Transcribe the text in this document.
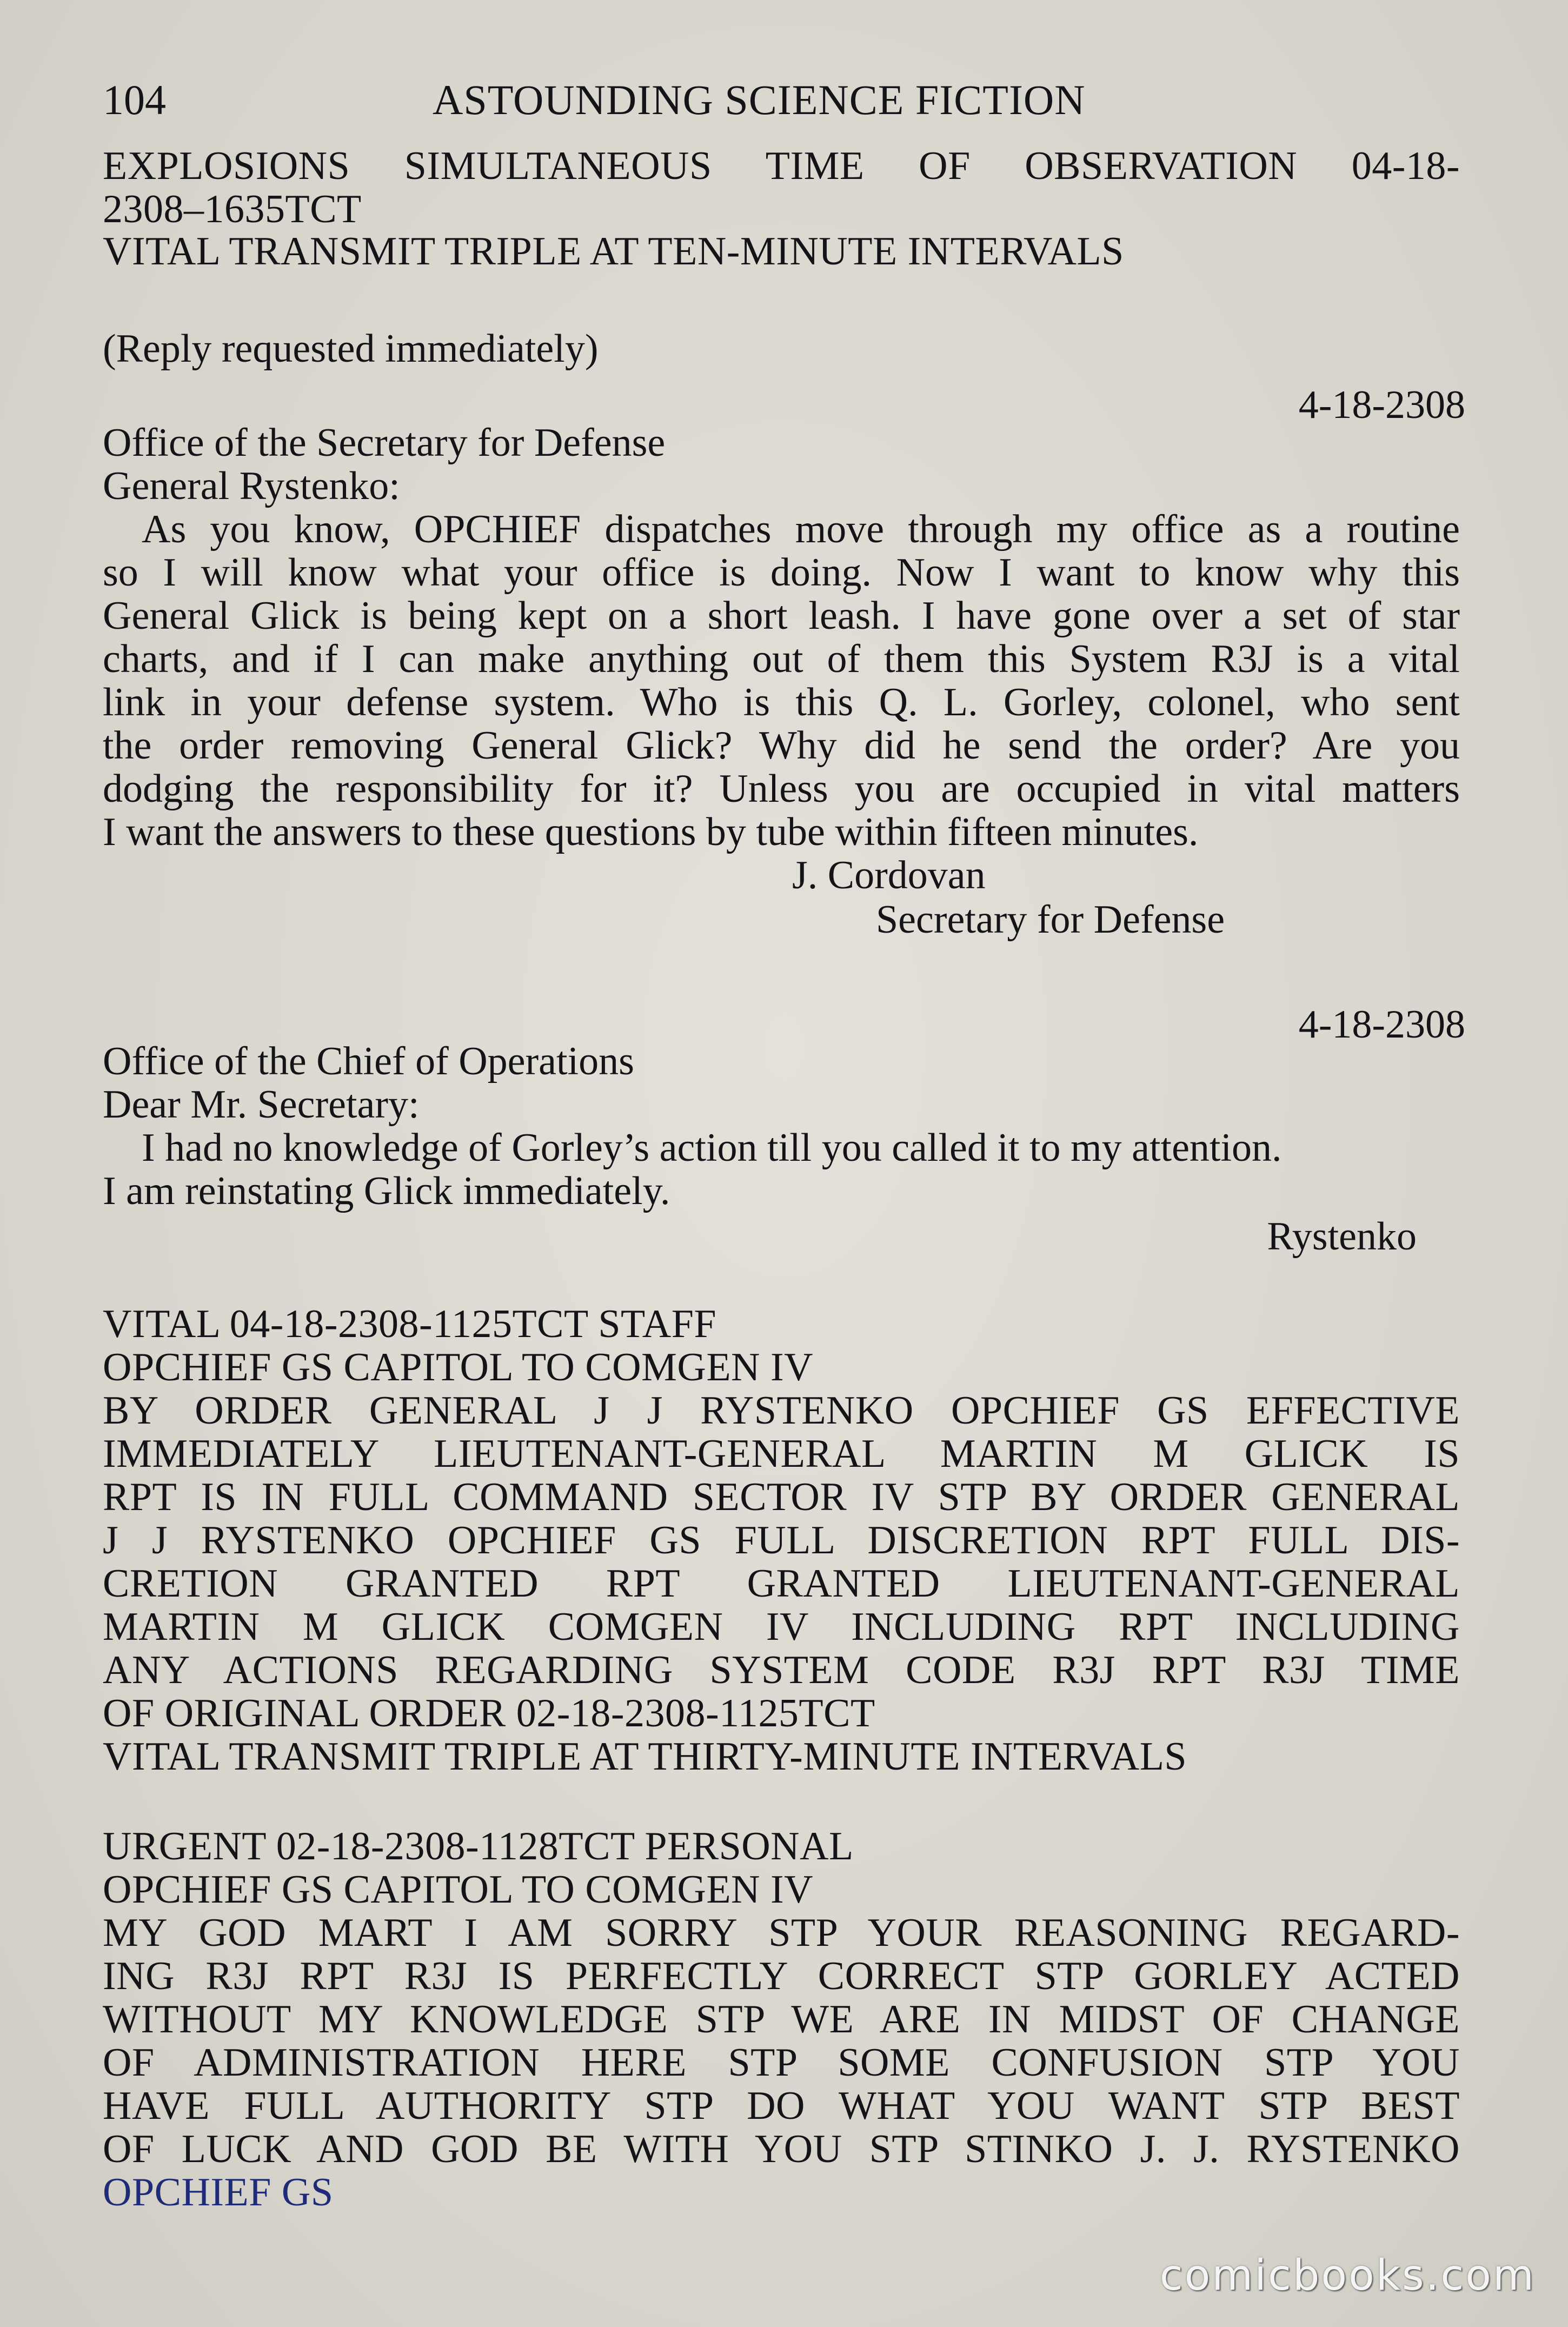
104	ASTOUNDING SCIENCE FICTION
EXPLOSIONS SIMULTANEOUS TIME OF OBSERVATION 04-18-
2308–1635TCT
VITAL TRANSMIT TRIPLE AT TEN-MINUTE INTERVALS
(Reply requested immediately)
4-18-2308
Office of the Secretary for Defense
General Rystenko:
As you know, OPCHIEF dispatches move through my office as a routine
so I will know what your office is doing. Now I want to know why this
General Glick is being kept on a short leash. I have gone over a set of star
charts, and if I can make anything out of them this System R3J is a vital
link in your defense system. Who is this Q. L. Gorley, colonel, who sent
the order removing General Glick? Why did he send the order? Are you
dodging the responsibility for it? Unless you are occupied in vital matters
I want the answers to these questions by tube within fifteen minutes.
J. Cordovan
Secretary for Defense
4-18-2308
Office of the Chief of Operations
Dear Mr. Secretary:
I had no knowledge of Gorley’s action till you called it to my attention.
I am reinstating Glick immediately.
Rystenko
VITAL 04-18-2308-1125TCT STAFF
OPCHIEF GS CAPITOL TO COMGEN IV
BY ORDER GENERAL J J RYSTENKO OPCHIEF GS EFFECTIVE
IMMEDIATELY LIEUTENANT-GENERAL MARTIN M GLICK IS
RPT IS IN FULL COMMAND SECTOR IV STP BY ORDER GENERAL
J J RYSTENKO OPCHIEF GS FULL DISCRETION RPT FULL DIS-
CRETION GRANTED RPT GRANTED LIEUTENANT-GENERAL
MARTIN M GLICK COMGEN IV INCLUDING RPT INCLUDING
ANY ACTIONS REGARDING SYSTEM CODE R3J RPT R3J TIME
OF ORIGINAL ORDER 02-18-2308-1125TCT
VITAL TRANSMIT TRIPLE AT THIRTY-MINUTE INTERVALS
URGENT 02-18-2308-1128TCT PERSONAL
OPCHIEF GS CAPITOL TO COMGEN IV
MY GOD MART I AM SORRY STP YOUR REASONING REGARD-
ING R3J RPT R3J IS PERFECTLY CORRECT STP GORLEY ACTED
WITHOUT MY KNOWLEDGE STP WE ARE IN MIDST OF CHANGE
OF ADMINISTRATION HERE STP SOME CONFUSION STP YOU
HAVE FULL AUTHORITY STP DO WHAT YOU WANT STP BEST
OF LUCK AND GOD BE WITH YOU STP STINKO J. J. RYSTENKO
OPCHIEF GS
comicbooks.com
